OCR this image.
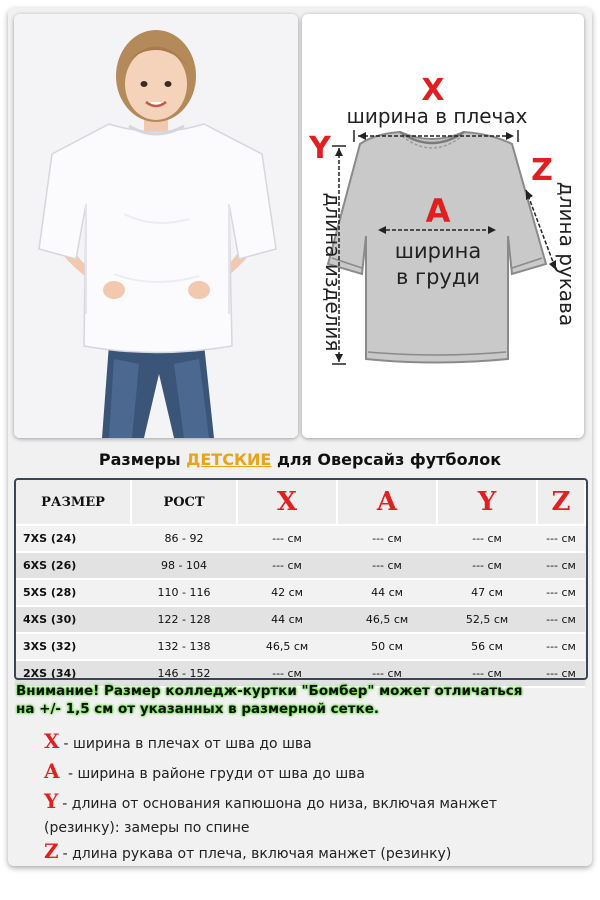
X
ширина в плечах
A
ширина
в груди
Y
длина изделия
Z
длина рукава
Размеры ДЕТСКИЕ для Оверсайз футболок
РАЗМЕР	РОСТ	X	A	Y	Z
7XS (24)	86 - 92	--- см	--- см	--- см	--- см
6XS (26)	98 - 104	--- см	--- см	--- см	--- см
5XS (28)	110 - 116	42 см	44 см	47 см	--- см
4XS (30)	122 - 128	44 см	46,5 см	52,5 см	--- см
3XS (32)	132 - 138	46,5 см	50 см	56 см	--- см
2XS (34)	146 - 152	--- см	--- см	--- см	--- см
Внимание! Размер колледж-куртки "Бомбер" может отличаться
на +/- 1,5 см от указанных в размерной сетке.
X - ширина в плечах от шва до шва
A - ширина в районе груди от шва до шва
Y - длина от основания капюшона до низа, включая манжет
(резинку): замеры по спине
Z - длина рукава от плеча, включая манжет (резинку)
